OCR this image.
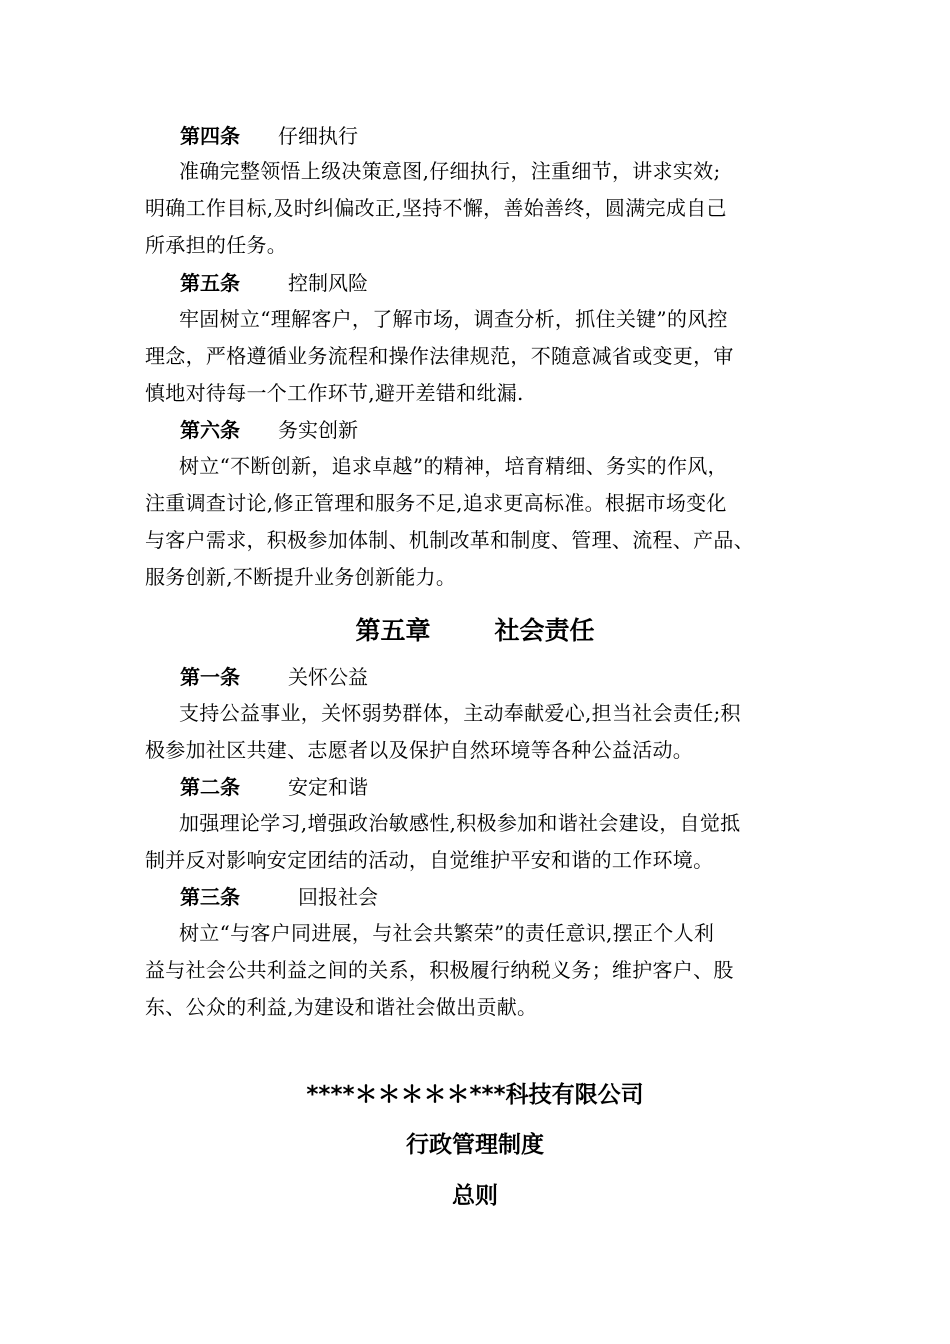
第四条 仔细执行
准确完整领悟上级决策意图,仔细执行，注重细节，讲求实效;
明确工作目标,及时纠偏改正,坚持不懈，善始善终，圆满完成自己
所承担的任务。
第五条 控制风险
牢固树立“理解客户，了解市场，调查分析，抓住关键”的风控
理念，严格遵循业务流程和操作法律规范，不随意减省或变更，审
慎地对待每一个工作环节,避开差错和纰漏.
第六条 务实创新
树立“不断创新，追求卓越”的精神，培育精细、务实的作风，
注重调查讨论,修正管理和服务不足,追求更高标准。根据市场变化
与客户需求，积极参加体制、机制改革和制度、管理、流程、产品、
服务创新,不断提升业务创新能力。
第五章	社会责任
第一条 关怀公益
支持公益事业，关怀弱势群体，主动奉献爱心,担当社会责任;积
极参加社区共建、志愿者以及保护自然环境等各种公益活动。
第二条 安定和谐
加强理论学习,增强政治敏感性,积极参加和谐社会建设，自觉抵
制并反对影响安定团结的活动，自觉维护平安和谐的工作环境。
第三条	回报社会
树立“与客户同进展，与社会共繁荣”的责任意识,摆正个人利
益与社会公共利益之间的关系，积极履行纳税义务；维护客户、股
东、公众的利益,为建设和谐社会做出贡献。
****＊＊＊＊＊***科技有限公司
行政管理制度
总则
